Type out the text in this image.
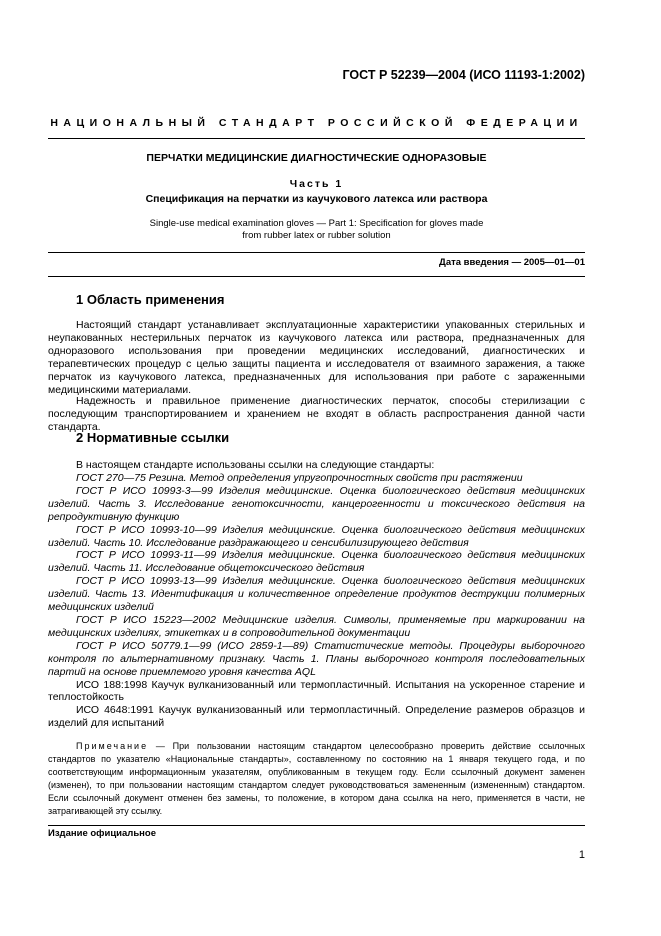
ГОСТ Р 52239—2004 (ИСО 11193-1:2002)
НАЦИОНАЛЬНЫЙ СТАНДАРТ РОССИЙСКОЙ ФЕДЕРАЦИИ
ПЕРЧАТКИ МЕДИЦИНСКИЕ ДИАГНОСТИЧЕСКИЕ ОДНОРАЗОВЫЕ
Часть 1
Спецификация на перчатки из каучукового латекса или раствора
Single-use medical examination gloves — Part 1: Specification for gloves made
from rubber latex or rubber solution
Дата введения — 2005—01—01
1 Область применения
Настоящий стандарт устанавливает эксплуатационные характеристики упакованных стерильных и неупакованных нестерильных перчаток из каучукового латекса или раствора, предназначенных для одноразового использования при проведении медицинских исследований, диагностических и терапевтических процедур с целью защиты пациента и исследователя от взаимного заражения, а также перчаток из каучукового латекса, предназначенных для использования при работе с зараженными медицинскими материалами.
Надежность и правильное применение диагностических перчаток, способы стерилизации с последующим транспортированием и хранением не входят в область распространения данной части стандарта.
2 Нормативные ссылки
В настоящем стандарте использованы ссылки на следующие стандарты:

ГОСТ 270—75 Резина. Метод определения упругопрочностных свойств при растяжении

ГОСТ Р ИСО 10993-3—99 Изделия медицинские. Оценка биологического действия медицинских изделий. Часть 3. Исследование генотоксичности, канцерогенности и токсического действия на репродуктивную функцию

ГОСТ Р ИСО 10993-10—99 Изделия медицинские. Оценка биологического действия медицинских изделий. Часть 10. Исследование раздражающего и сенсибилизирующего действия

ГОСТ Р ИСО 10993-11—99 Изделия медицинские. Оценка биологического действия медицинских изделий. Часть 11. Исследование общетоксического действия

ГОСТ Р ИСО 10993-13—99 Изделия медицинские. Оценка биологического действия медицинских изделий. Часть 13. Идентификация и количественное определение продуктов деструкции полимерных медицинских изделий

ГОСТ Р ИСО 15223—2002 Медицинские изделия. Символы, применяемые при маркировании на медицинских изделиях, этикетках и в сопроводительной документации

ГОСТ Р ИСО 50779.1—99 (ИСО 2859-1—89) Статистические методы. Процедуры выборочного контроля по альтернативному признаку. Часть 1. Планы выборочного контроля последовательных партий на основе приемлемого уровня качества AQL

ИСО 188:1998 Каучук вулканизованный или термопластичный. Испытания на ускоренное старение и теплостойкость

ИСО 4648:1991 Каучук вулканизованный или термопластичный. Определение размеров образцов и изделий для испытаний

Примечание — При пользовании настоящим стандартом целесообразно проверить действие ссылочных стандартов по указателю «Национальные стандарты», составленному по состоянию на 1 января текущего года, и по соответствующим информационным указателям, опубликованным в текущем году. Если ссылочный документ заменен (изменен), то при пользовании настоящим стандартом следует руководствоваться замененным (измененным) стандартом. Если ссылочный документ отменен без замены, то положение, в котором дана ссылка на него, применяется в части, не затрагивающей эту ссылку.
Издание официальное
1
